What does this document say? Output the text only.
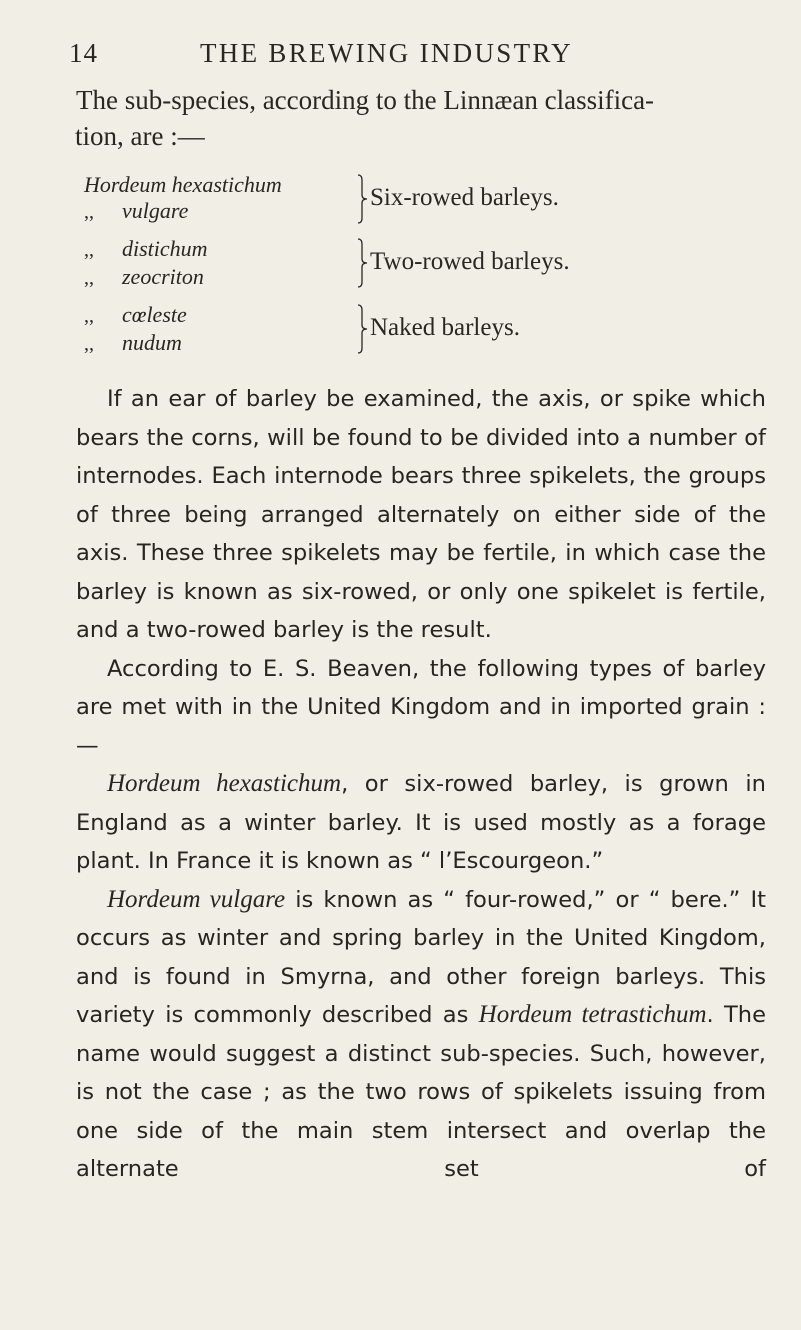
14	THE BREWING INDUSTRY

The sub-species, according to the Linnæan classifica-

tion, are :—

Hordeum hexastichum
,, vulgare
,, distichum
,, zeocriton
,, cœleste
,, nudum
Six-rowed barleys.
Two-rowed barleys.
Naked barleys.

If an ear of barley be examined, the axis, or spike which bears the corns, will be found to be divided into a number of internodes. Each internode bears three spikelets, the groups of three being arranged alternately on either side of the axis. These three spikelets may be fertile, in which case the barley is known as six-rowed, or only one spikelet is fertile, and a two-rowed barley is the result.

According to E. S. Beaven, the following types of barley are met with in the United Kingdom and in imported grain :—

Hordeum hexastichum, or six-rowed barley, is grown in England as a winter barley. It is used mostly as a forage plant. In France it is known as “ l’Escourgeon.”

Hordeum vulgare is known as “ four-rowed,” or “ bere.” It occurs as winter and spring barley in the United Kingdom, and is found in Smyrna, and other foreign barleys. This variety is commonly described as Hordeum tetrastichum. The name would suggest a distinct sub-species. Such, however, is not the case ; as the two rows of spikelets issuing from one side of the main stem intersect and overlap the alternate set of
